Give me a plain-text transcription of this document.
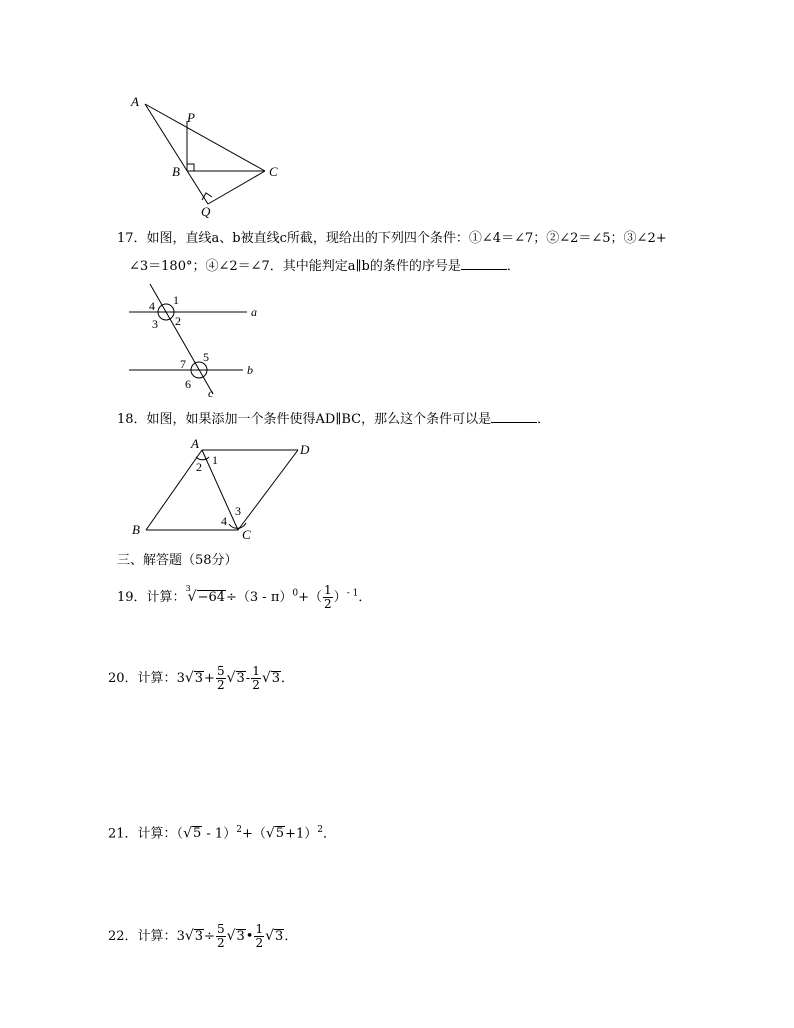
A
P
B	C
Q
17．如图，直线a、b被直线c所截，现给出的下列四个条件：①∠4＝∠7；②∠2＝∠5；③∠2+
∠3＝180°；④∠2＝∠7．其中能判定a∥b的条件的序号是	．
4 1
3 2
7 5
6
a
b
c
18．如图，如果添加一个条件使得AD∥BC，那么这个条件可以是	．
A	D
B	C
1
2
3
4
三、解答题（58分）
19．计算：$^3√-64\div(3 - \pi)^0+( \frac{1}{2} )^{- 1}$．
20．计算：$3√3+ \frac{5}{2} √3- \frac{1}{2} √3$．
21．计算：$(√5 - 1)^2+(√5+1)^2$．
22．计算：$3√3\div \frac{5}{2}$ √3• $\frac{1}{2} √3$．
